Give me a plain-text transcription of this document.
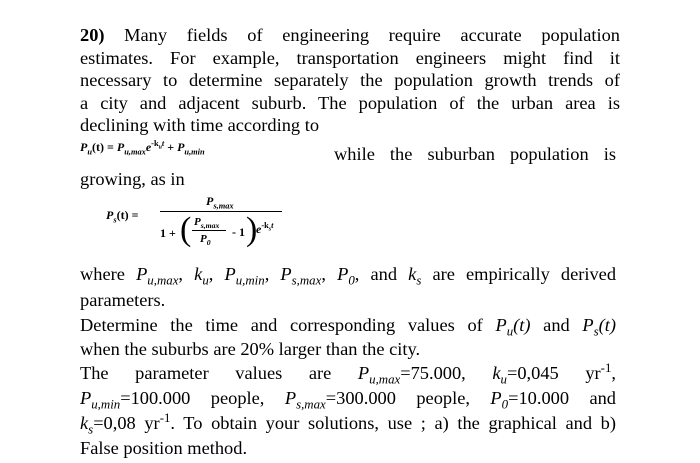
20) Many fields of engineering require accurate population
estimates. For example, transportation engineers might find it
necessary to determine separately the population growth trends of
a city and adjacent suburb. The population of the urban area is
declining with time according to
$P_u(t) = P_{u,max}e^{-k_ut} + P_{u,min}$	while the suburban population is
growing, as in
$P_s(t)$ =
$P_{s,max}$
1 + ( $P_{s,max}$
$P_0$
- 1 )
$e^{-k_st}$
where $P_{u,max}$, $k_u$, $P_{u,min}$, $P_{s,max}$, $P_0$, and $k_s$ are empirically derived
parameters.
Determine the time and corresponding values of $P_u(t)$ and $P_s(t)$
when the suburbs are 20% larger than the city.
The parameter values are $P_{u,max}=75.000$, $k_u=0,045$ $yr^{-1}$,
$P_{u,min}=100.000$ people, $P_{s,max}=300.000$ people, $P_0=10.000$ and
$k_s=0,08$ $yr^{-1}$. To obtain your solutions, use ; a) the graphical and b)
False position method.
